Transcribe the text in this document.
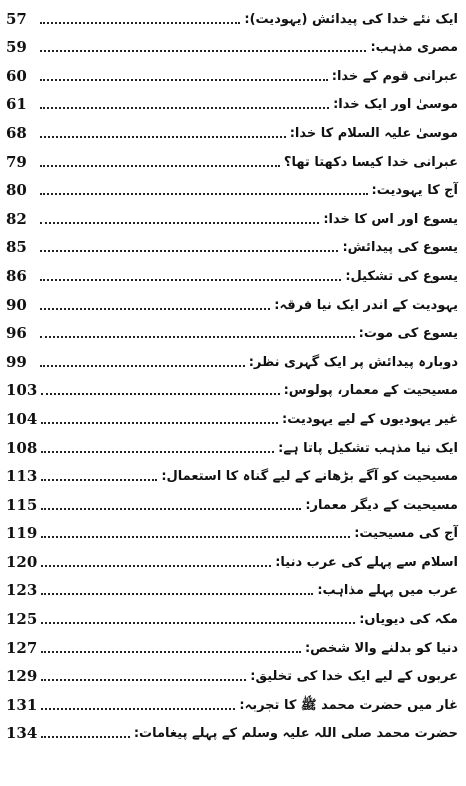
57	ایک نئے خدا کی پیدائش (یہودیت):
59	مصری مذہب:
60	عبرانی قوم کے خدا:
61	موسیٰ اور ایک خدا:
68	موسیٰ علیہ السلام کا خدا:
79	عبرانی خدا کیسا دکھتا تھا؟
80	آج کا یہودیت:
82	یسوع اور اس کا خدا:
85	یسوع کی پیدائش:
86	یسوع کی تشکیل:
90	یہودیت کے اندر ایک نیا فرقہ:
96	یسوع کی موت:
99	دوبارہ پیدائش پر ایک گہری نظر:
103	مسیحیت کے معمار، پولوس:
104	غیر یہودیوں کے لیے یہودیت:
108	ایک نیا مذہب تشکیل پاتا ہے:
113	مسیحیت کو آگے بڑھانے کے لیے گناہ کا استعمال:
115	مسیحیت کے دیگر معمار:
119	آج کی مسیحیت:
120	اسلام سے پہلے کی عرب دنیا:
123	عرب میں پہلے مذاہب:
125	مکہ کی دیویاں:
127	دنیا کو بدلنے والا شخص:
129	عربوں کے لیے ایک خدا کی تخلیق:
131	غار میں حضرت محمد ﷺ کا تجربہ:
134	حضرت محمد صلی اللہ علیہ وسلم کے پہلے پیغامات:
